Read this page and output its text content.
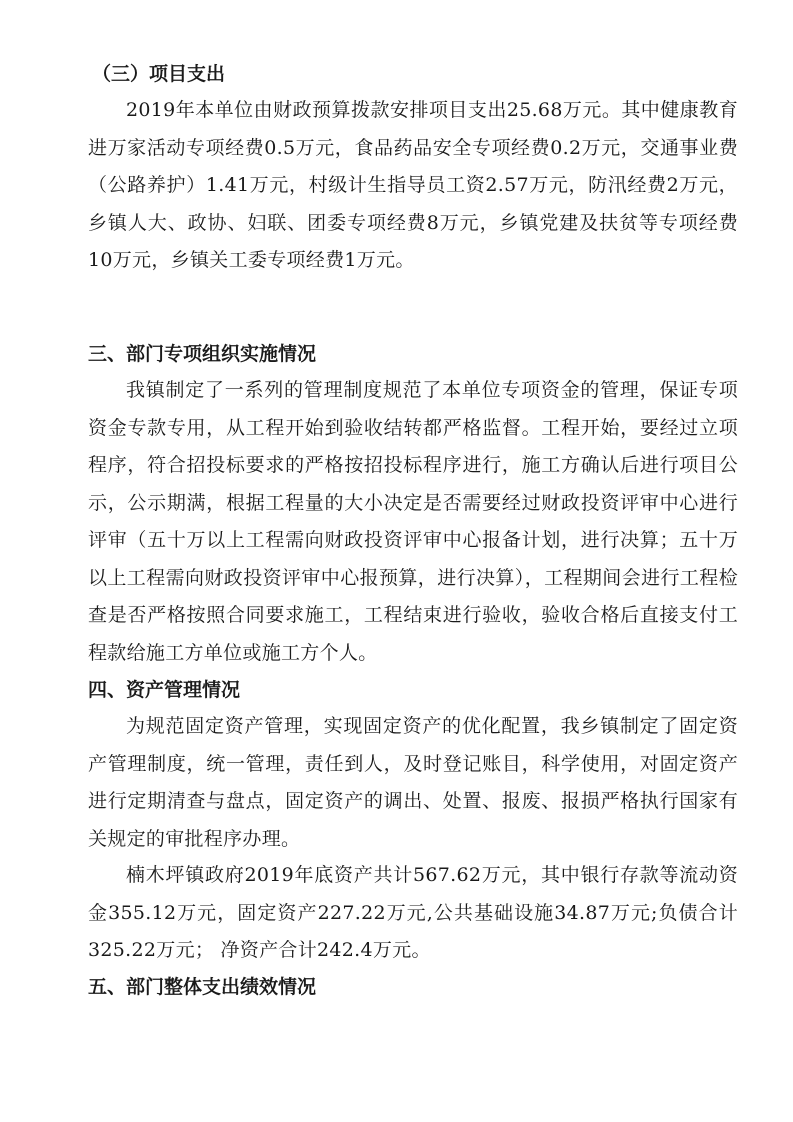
（三）项目支出

2019年本单位由财政预算拨款安排项目支出25.68万元。其中健康教育进万家活动专项经费0.5万元，食品药品安全专项经费0.2万元，交通事业费（公路养护）1.41万元，村级计生指导员工资2.57万元，防汛经费2万元，乡镇人大、政协、妇联、团委专项经费8万元，乡镇党建及扶贫等专项经费10万元，乡镇关工委专项经费1万元。

三、部门专项组织实施情况

我镇制定了一系列的管理制度规范了本单位专项资金的管理，保证专项资金专款专用，从工程开始到验收结转都严格监督。工程开始，要经过立项程序，符合招投标要求的严格按招投标程序进行，施工方确认后进行项目公示，公示期满，根据工程量的大小决定是否需要经过财政投资评审中心进行评审（五十万以上工程需向财政投资评审中心报备计划，进行决算；五十万以上工程需向财政投资评审中心报预算，进行决算），工程期间会进行工程检查是否严格按照合同要求施工，工程结束进行验收，验收合格后直接支付工程款给施工方单位或施工方个人。

四、资产管理情况

为规范固定资产管理，实现固定资产的优化配置，我乡镇制定了固定资产管理制度，统一管理，责任到人，及时登记账目，科学使用，对固定资产进行定期清查与盘点，固定资产的调出、处置、报废、报损严格执行国家有关规定的审批程序办理。

楠木坪镇政府2019年底资产共计567.62万元，其中银行存款等流动资金355.12万元，固定资产227.22万元,公共基础设施34.87万元;负债合计325.22万元； 净资产合计242.4万元。

五、部门整体支出绩效情况
